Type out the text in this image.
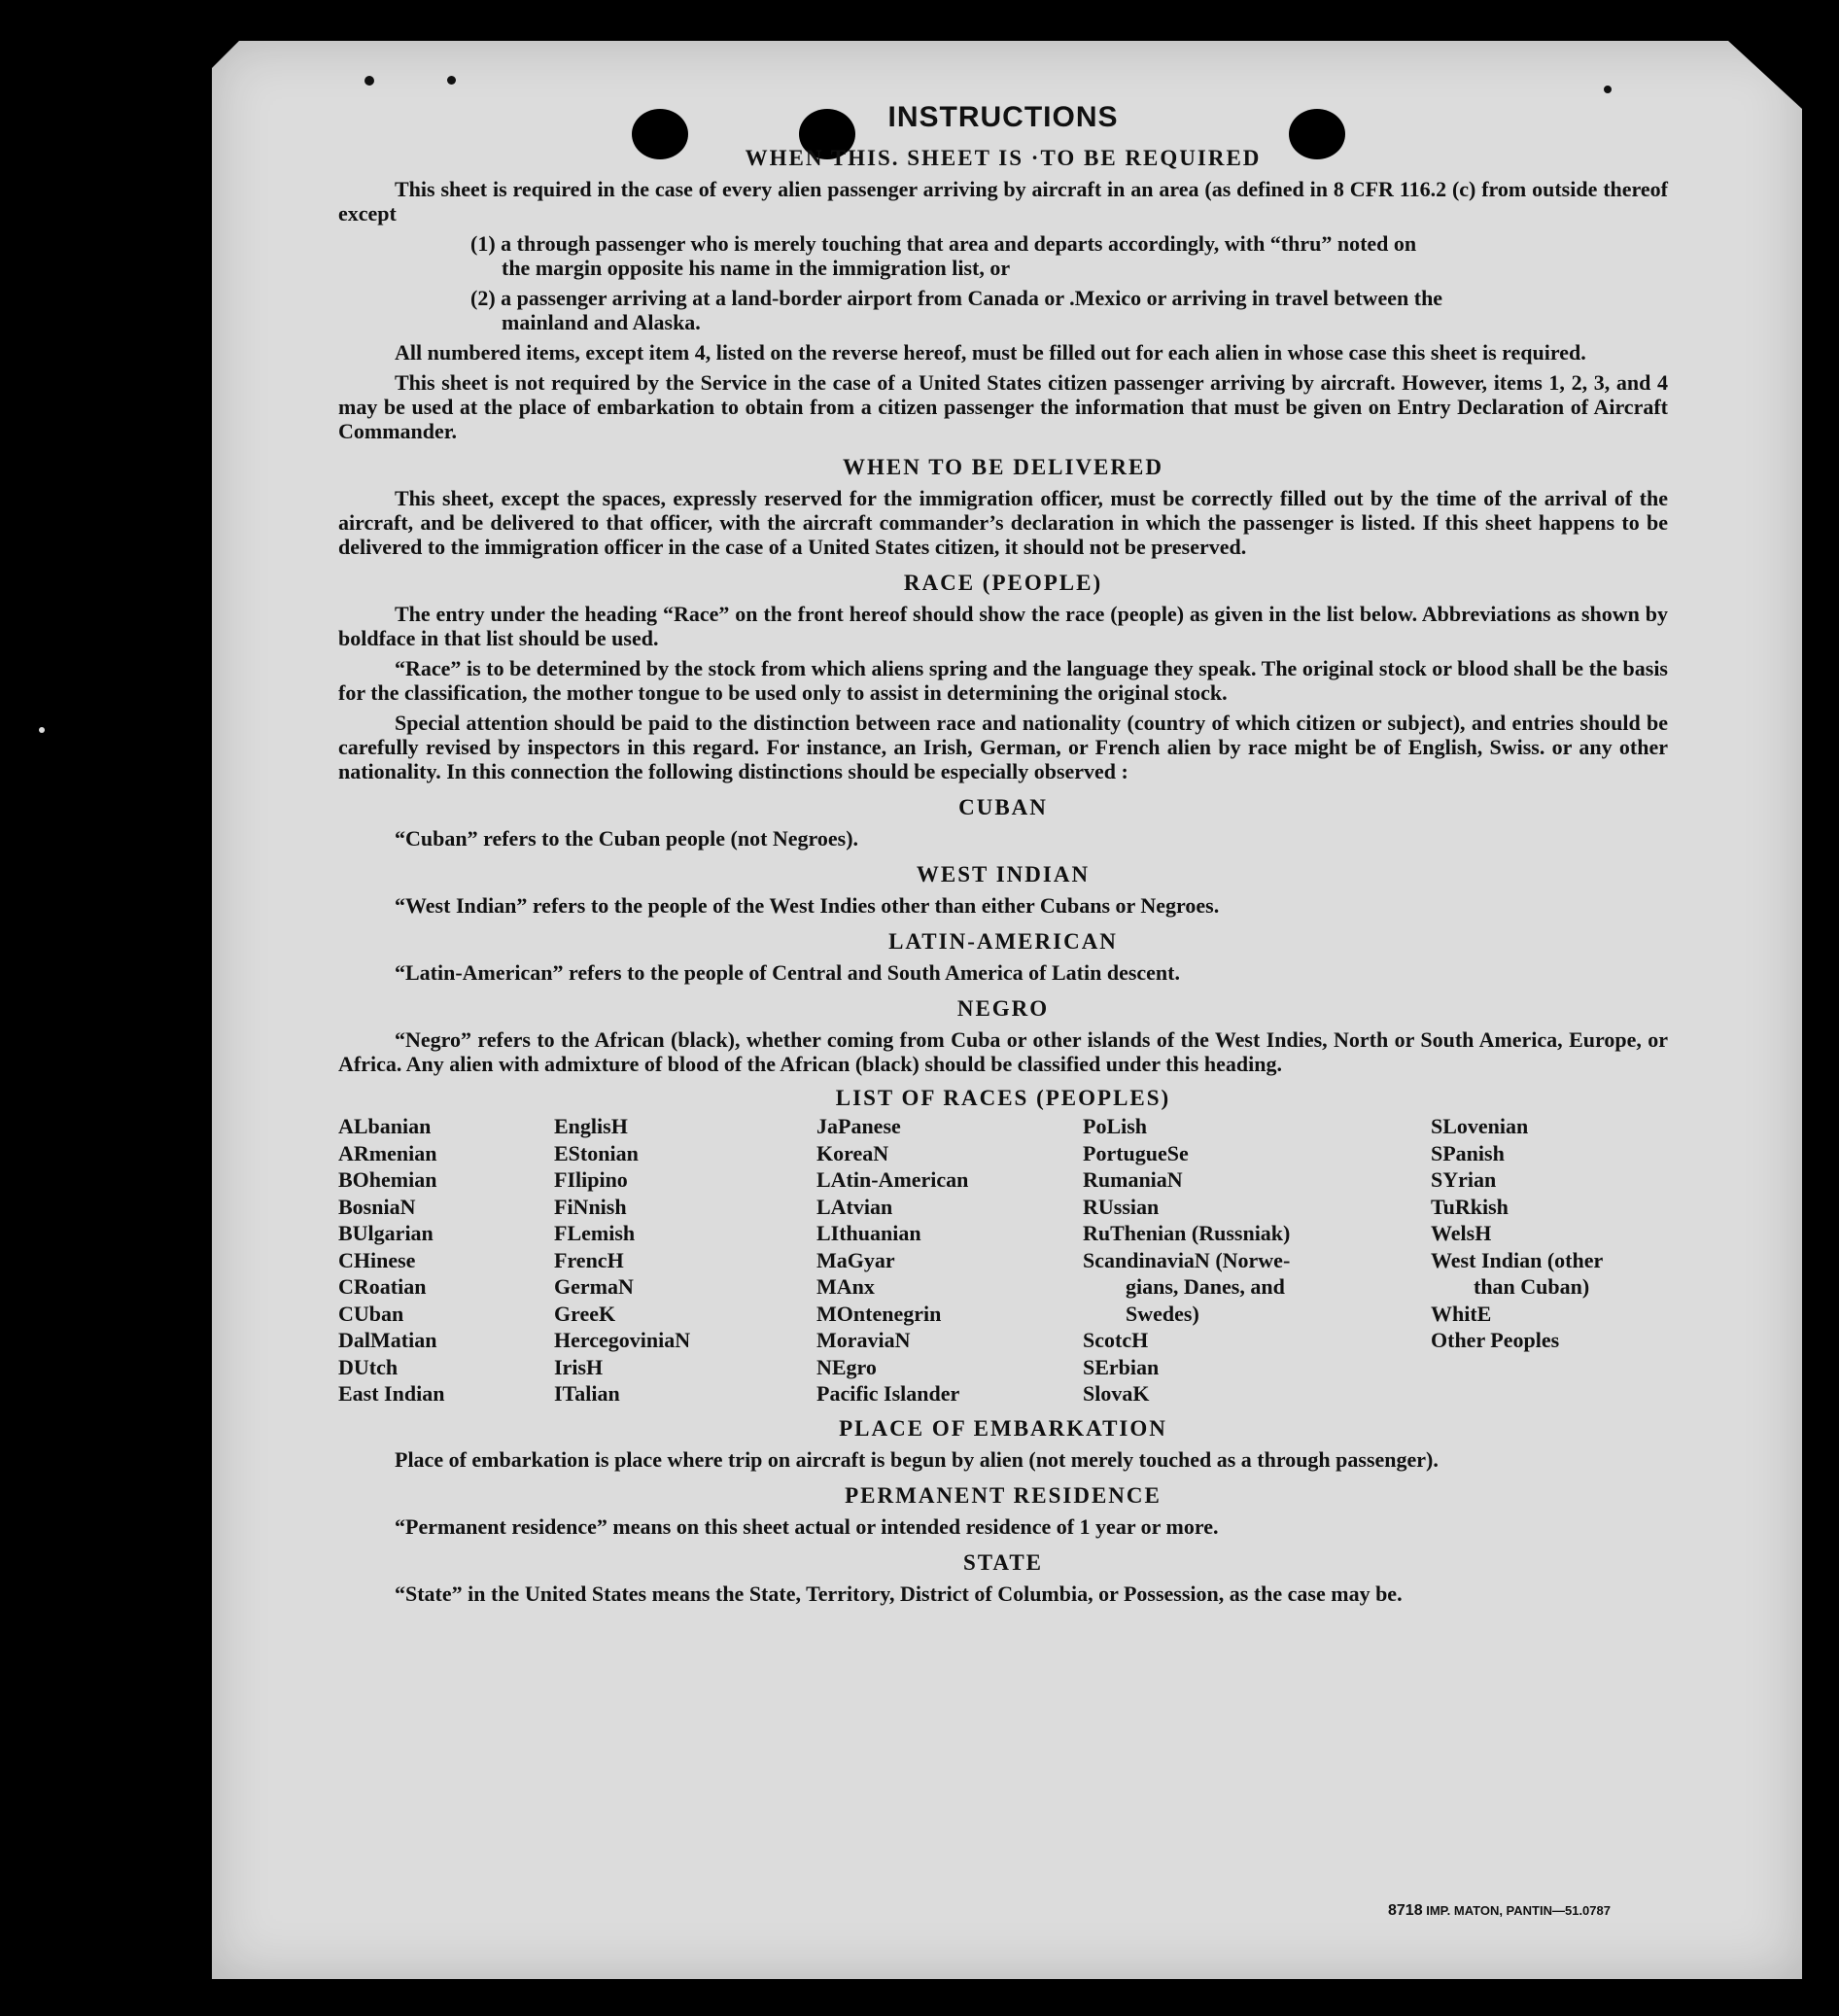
INSTRUCTIONS
WHEN THIS. SHEET IS ·TO BE REQUIRED

This sheet is required in the case of every alien passenger arriving by aircraft in an area (as defined in 8 CFR 116.2 (c) from outside thereof except

(1) a through passenger who is merely touching that area and departs accordingly, with “thru” noted on
the margin opposite his name in the immigration list, or
(2) a passenger arriving at a land-border airport from Canada or .Mexico or arriving in travel between the
mainland and Alaska.

All numbered items, except item 4, listed on the reverse hereof, must be filled out for each alien in whose case this sheet is required.

This sheet is not required by the Service in the case of a United States citizen passenger arriving by aircraft. However, items 1, 2, 3, and 4 may be used at the place of embarkation to obtain from a citizen passenger the information that must be given on Entry Declaration of Aircraft Commander.

WHEN TO BE DELIVERED

This sheet, except the spaces, expressly reserved for the immigration officer, must be correctly filled out by the time of the arrival of the aircraft, and be delivered to that officer, with the aircraft commander’s declaration in which the passenger is listed. If this sheet happens to be delivered to the immigration officer in the case of a United States citizen, it should not be preserved.

RACE (PEOPLE)

The entry under the heading “Race” on the front hereof should show the race (people) as given in the list below. Abbreviations as shown by boldface in that list should be used.

“Race” is to be determined by the stock from which aliens spring and the language they speak. The original stock or blood shall be the basis for the classification, the mother tongue to be used only to assist in determining the original stock.

Special attention should be paid to the distinction between race and nationality (country of which citizen or subject), and entries should be carefully revised by inspectors in this regard. For instance, an Irish, German, or French alien by race might be of English, Swiss. or any other nationality. In this connection the following distinctions should be especially observed :

CUBAN

“Cuban” refers to the Cuban people (not Negroes).

WEST INDIAN

“West Indian” refers to the people of the West Indies other than either Cubans or Negroes.

LATIN-AMERICAN

“Latin-American” refers to the people of Central and South America of Latin descent.

NEGRO

“Negro” refers to the African (black), whether coming from Cuba or other islands of the West Indies, North or South America, Europe, or Africa. Any alien with admixture of blood of the African (black) should be classified under this heading.

LIST OF RACES (PEOPLES)
ALbanian
ARmenian
BOhemian
BosniaN
BUlgarian
CHinese
CRoatian
CUban
DalMatian
DUtch
East Indian
EnglisH
EStonian
FIlipino
FiNnish
FLemish
FrencH
GermaN
GreeK
HercegoviniaN
IrisH
ITalian
JaPanese
KoreaN
LAtin-American
LAtvian
LIthuanian
MaGyar
MAnx
MOntenegrin
MoraviaN
NEgro
Pacific Islander
PoLish
PortugueSe
RumaniaN
RUssian
RuThenian (Russniak)
ScandinaviaN (Norwe-
gians, Danes, and
Swedes)
ScotcH
SErbian
SlovaK
SLovenian
SPanish
SYrian
TuRkish
WelsH
West Indian (other
than Cuban)
WhitE
Other Peoples
PLACE OF EMBARKATION

Place of embarkation is place where trip on aircraft is begun by alien (not merely touched as a through passenger).

PERMANENT RESIDENCE

“Permanent residence” means on this sheet actual or intended residence of 1 year or more.

STATE

“State” in the United States means the State, Territory, District of Columbia, or Possession, as the case may be.

8718 IMP. MATON, PANTIN—51.0787
